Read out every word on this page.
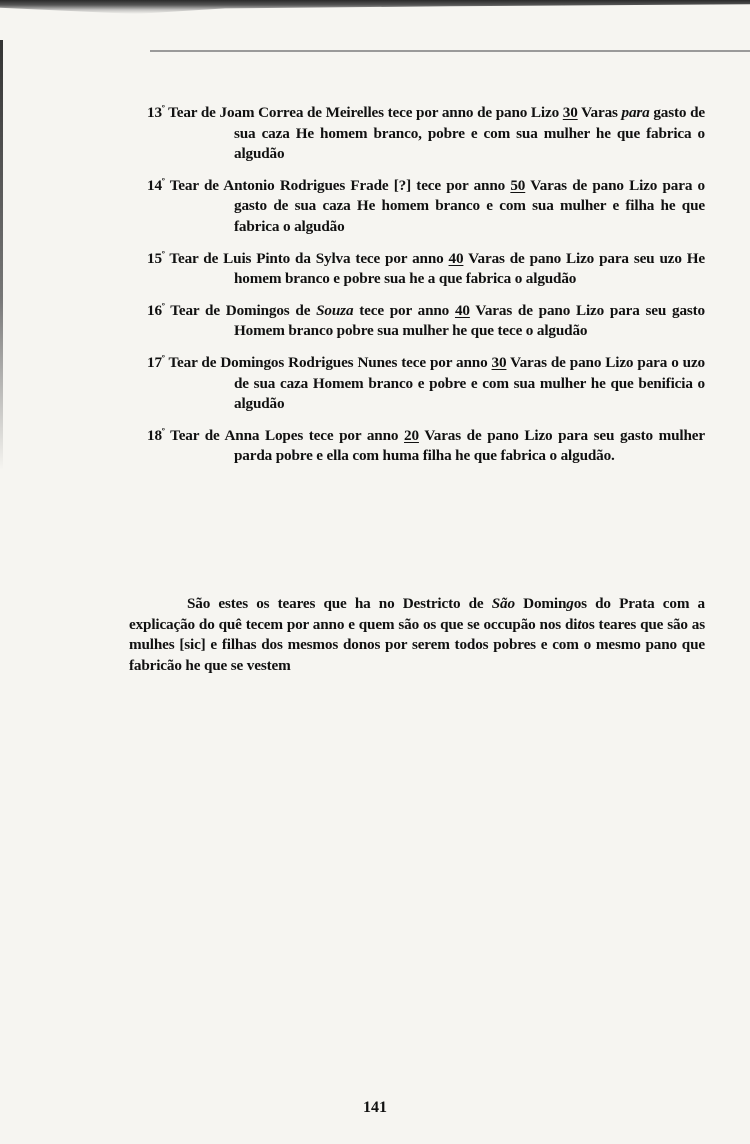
$13^º$ Tear de Joam Correa de Meirelles tece por anno de pano Lizo 30 Varas para gasto de sua caza He homem branco, pobre e com sua mulher he que fabrica o algudão

$14^º$ Tear de Antonio Rodrigues Frade [?] tece por anno 50 Varas de pano Lizo para o gasto de sua caza He homem branco e com sua mulher e filha he que fabrica o algudão

$15^º$ Tear de Luis Pinto da Sylva tece por anno 40 Varas de pano Lizo para seu uzo He homem branco e pobre sua he a que fabrica o algudão

$16^º$ Tear de Domingos de Souza tece por anno 40 Varas de pano Lizo para seu gasto Homem branco pobre sua mulher he que tece o algudão

$17^º$ Tear de Domingos Rodrigues Nunes tece por anno 30 Varas de pano Lizo para o uzo de sua caza Homem branco e pobre e com sua mulher he que benificia o algudão

$18^º$ Tear de Anna Lopes tece por anno 20 Varas de pano Lizo para seu gasto mulher parda pobre e ella com huma filha he que fabrica o algudão.

São estes os teares que ha no Destricto de São Domingos do Prata com a explicação do quê tecem por anno e quem são os que se occupão nos ditos teares que são as mulhes [sic] e filhas dos mesmos donos por serem todos pobres e com o mesmo pano que fabricão he que se vestem

141
